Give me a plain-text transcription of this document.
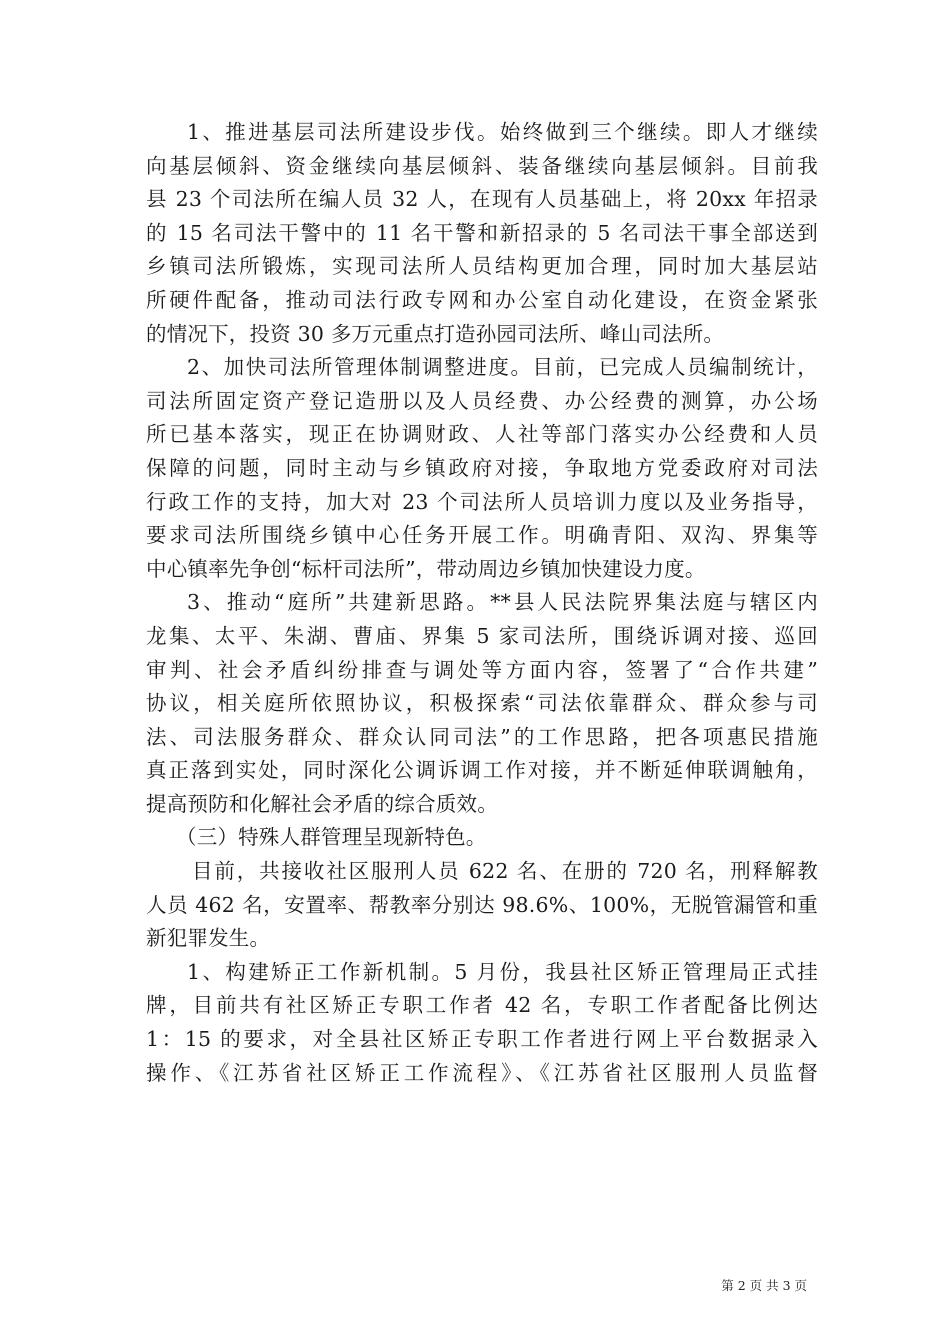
1、推进基层司法所建设步伐。始终做到三个继续。即人才继续
向基层倾斜、资金继续向基层倾斜、装备继续向基层倾斜。目前我
县 23 个司法所在编人员 32 人，在现有人员基础上，将 20xx 年招录
的 15 名司法干警中的 11 名干警和新招录的 5 名司法干事全部送到
乡镇司法所锻炼，实现司法所人员结构更加合理，同时加大基层站
所硬件配备，推动司法行政专网和办公室自动化建设，在资金紧张
的情况下，投资 30 多万元重点打造孙园司法所、峰山司法所。
2、加快司法所管理体制调整进度。目前，已完成人员编制统计，
司法所固定资产登记造册以及人员经费、办公经费的测算，办公场
所已基本落实，现正在协调财政、人社等部门落实办公经费和人员
保障的问题，同时主动与乡镇政府对接，争取地方党委政府对司法
行政工作的支持，加大对 23 个司法所人员培训力度以及业务指导，
要求司法所围绕乡镇中心任务开展工作。明确青阳、双沟、界集等
中心镇率先争创“标杆司法所”，带动周边乡镇加快建设力度。
3、推动“庭所”共建新思路。**县人民法院界集法庭与辖区内
龙集、太平、朱湖、曹庙、界集 5 家司法所，围绕诉调对接、巡回
审判、社会矛盾纠纷排查与调处等方面内容，签署了“合作共建”
协议，相关庭所依照协议，积极探索“司法依靠群众、群众参与司
法、司法服务群众、群众认同司法”的工作思路，把各项惠民措施
真正落到实处，同时深化公调诉调工作对接，并不断延伸联调触角，
提高预防和化解社会矛盾的综合质效。
（三）特殊人群管理呈现新特色。
目前，共接收社区服刑人员 622 名、在册的 720 名，刑释解教
人员 462 名，安置率、帮教率分别达 98.6%、100%，无脱管漏管和重
新犯罪发生。
1、构建矫正工作新机制。5 月份，我县社区矫正管理局正式挂
牌，目前共有社区矫正专职工作者 42 名，专职工作者配备比例达
1：15 的要求，对全县社区矫正专职工作者进行网上平台数据录入
操作、《江苏省社区矫正工作流程》、《江苏省社区服刑人员监督
第 2 页 共 3 页
